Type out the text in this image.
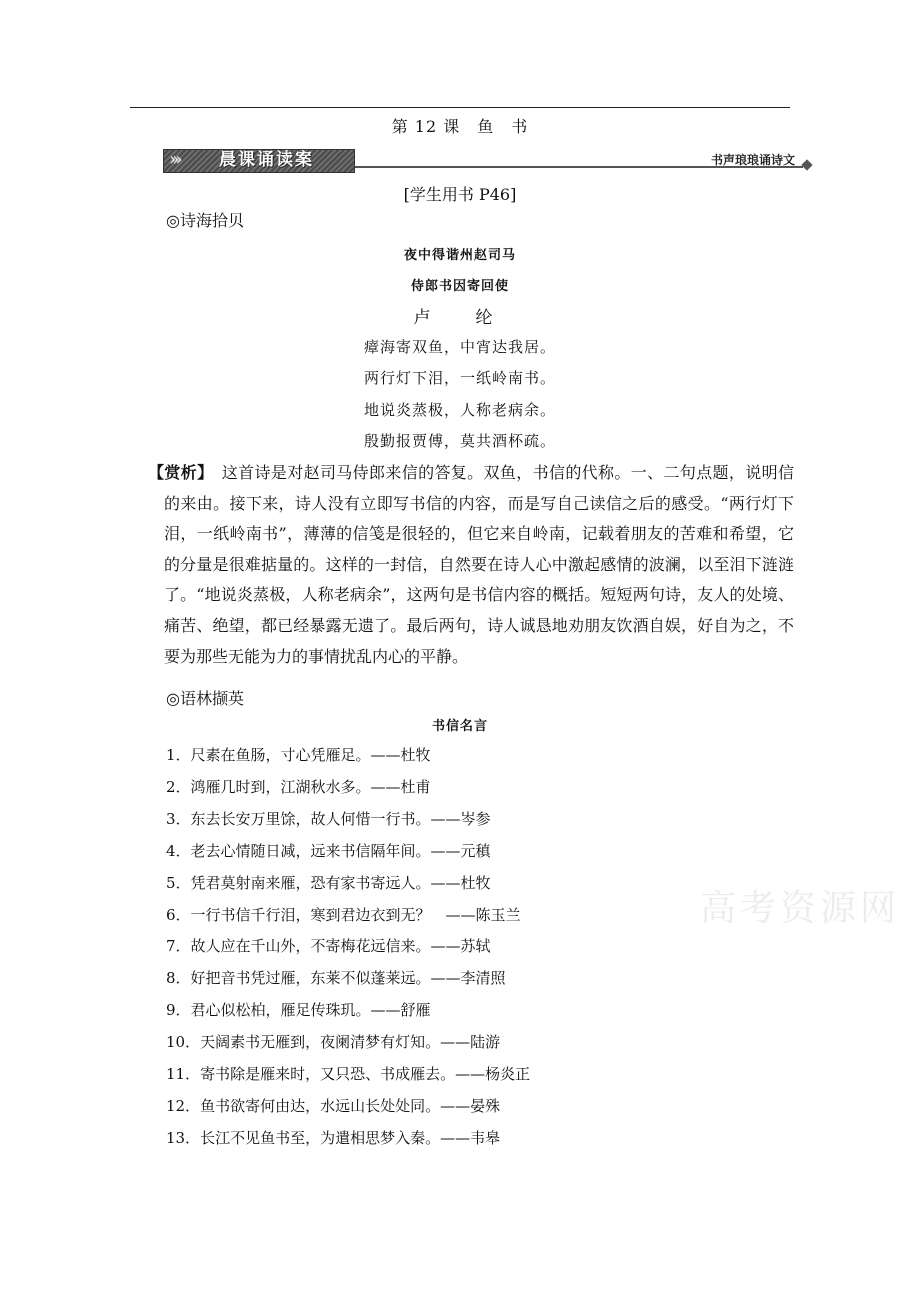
第 12 课　鱼　书
››› 晨课诵读案	书声琅琅诵诗文
[学生用书 P46]
◎诗海拾贝
夜中得谐州赵司马
侍郎书因寄回使
卢　纶
瘴海寄双鱼，中宵达我居。
两行灯下泪，一纸岭南书。
地说炎蒸极，人称老病余。
殷勤报贾傅，莫共酒杯疏。
【赏析】　这首诗是对赵司马侍郎来信的答复。双鱼，书信的代称。一、二句点题，说明信的来由。接下来，诗人没有立即写书信的内容，而是写自己读信之后的感受。“两行灯下泪，一纸岭南书”，薄薄的信笺是很轻的，但它来自岭南，记载着朋友的苦难和希望，它的分量是很难掂量的。这样的一封信，自然要在诗人心中激起感情的波澜，以至泪下涟涟了。“地说炎蒸极，人称老病余”，这两句是书信内容的概括。短短两句诗，友人的处境、痛苦、绝望，都已经暴露无遗了。最后两句，诗人诚恳地劝朋友饮酒自娱，好自为之，不要为那些无能为力的事情扰乱内心的平静。
◎语林撷英
书信名言
1．尺素在鱼肠，寸心凭雁足。——杜牧
2．鸿雁几时到，江湖秋水多。——杜甫
3．东去长安万里馀，故人何惜一行书。——岑参
4．老去心情随日减，远来书信隔年间。——元稹
5．凭君莫射南来雁，恐有家书寄远人。——杜牧
6．一行书信千行泪，寒到君边衣到无？　——陈玉兰
7．故人应在千山外，不寄梅花远信来。——苏轼
8．好把音书凭过雁，东莱不似蓬莱远。——李清照
9．君心似松柏，雁足传珠玑。——舒雁
10．天阔素书无雁到，夜阑清梦有灯知。——陆游
11．寄书除是雁来时，又只恐、书成雁去。——杨炎正
12．鱼书欲寄何由达，水远山长处处同。——晏殊
13．长江不见鱼书至，为遣相思梦入秦。——韦皋
高考资源网
